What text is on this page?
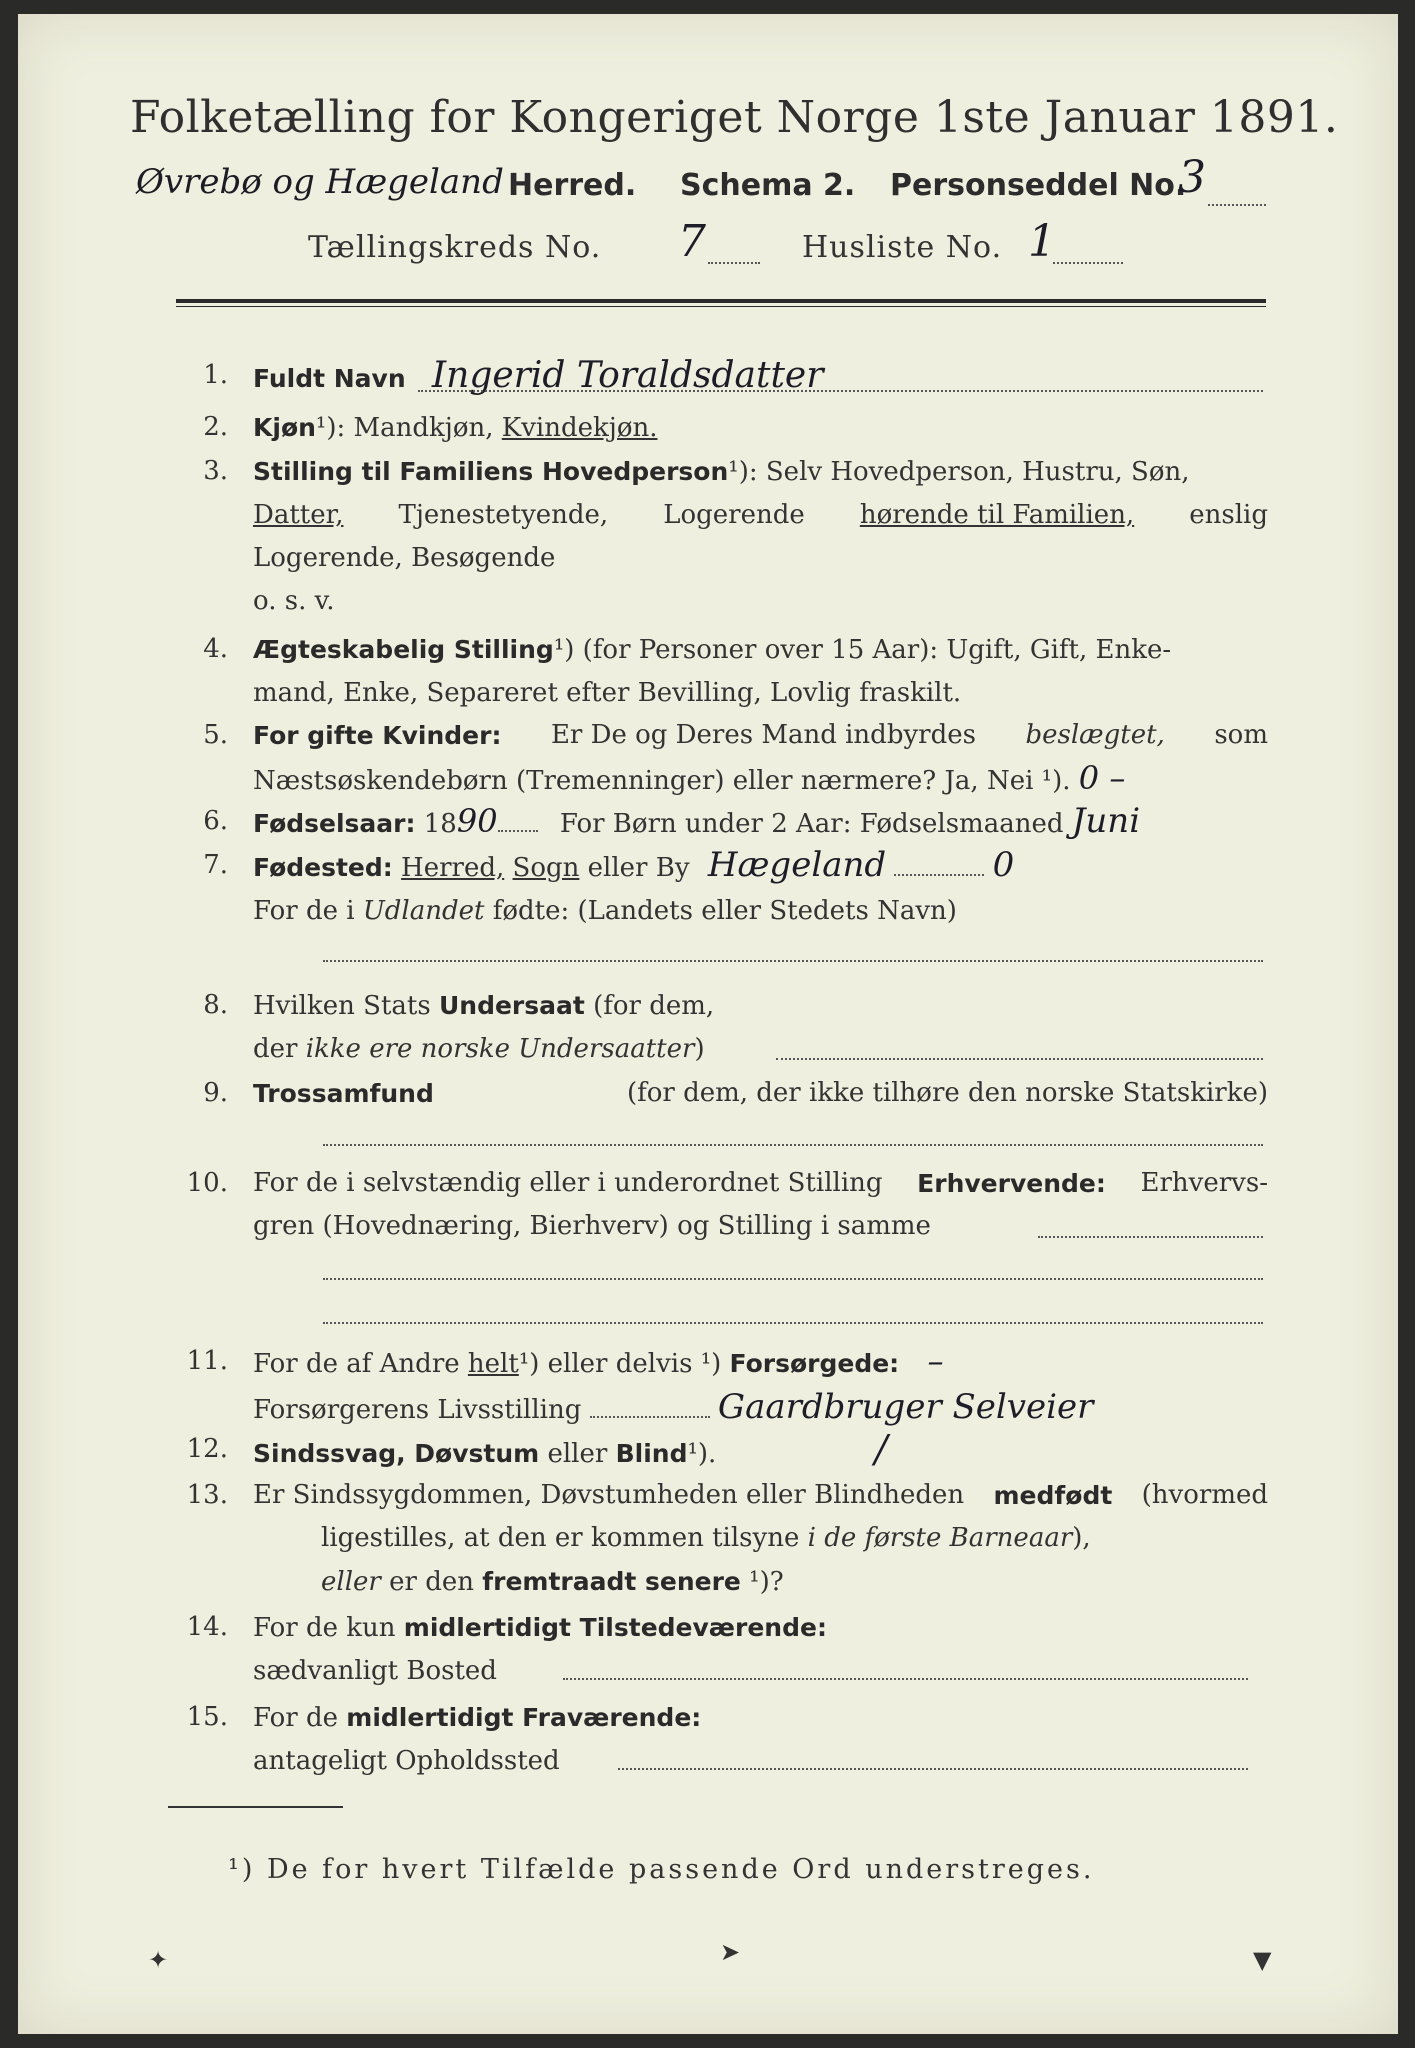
Folketælling for Kongeriget Norge 1ste Januar 1891.
Øvrebø og Hægeland Herred. Schema 2. Personseddel No.
3
Tællingskreds No. 7	Husliste No. 1
1. Fuldt Navn Ingerid Toraldsdatter
2. Kjøn¹): Mandkjøn, Kvindekjøn.
3. Stilling til Familiens Hovedperson¹): Selv Hovedperson, Hustru, Søn,
Datter, Tjenestetyende, Logerende hørende til Familien, enslig
Logerende, Besøgende
o. s. v.
4. Ægteskabelig Stilling¹) (for Personer over 15 Aar): Ugift, Gift, Enke-
mand, Enke, Separeret efter Bevilling, Lovlig fraskilt.
5. For gifte Kvinder: Er De og Deres Mand indbyrdes beslægtet, som
Næstsøskendebørn (Tremenninger) eller nærmere? Ja, Nei ¹). 0 –
6. Fødselsaar: 1890 For Børn under 2 Aar: Fødselsmaaned Juni
7. Fødested: Herred, Sogn eller By Hægeland	0
For de i Udlandet fødte: (Landets eller Stedets Navn)
8. Hvilken Stats Undersaat (for dem,
der ikke ere norske Undersaatter)
9. Trossamfund	(for dem, der ikke tilhøre den norske Statskirke)
10. For de i selvstændig eller i underordnet Stilling Erhvervende: Erhvervs-
gren (Hovednæring, Bierhverv) og Stilling i samme
11. For de af Andre helt¹) eller delvis ¹) Forsørgede: –
Forsørgerens Livsstilling	Gaardbruger Selveier
12. Sindssvag, Døvstum eller Blind¹).	/
13. Er Sindssygdommen, Døvstumheden eller Blindheden medfødt (hvormed
ligestilles, at den er kommen tilsyne i de første Barneaar),
eller er den fremtraadt senere ¹)?
14. For de kun midlertidigt Tilstedeværende:
sædvanligt Bosted
15. For de midlertidigt Fraværende:
antageligt Opholdssted
¹) De for hvert Tilfælde passende Ord understreges.
✦	➤	▼
